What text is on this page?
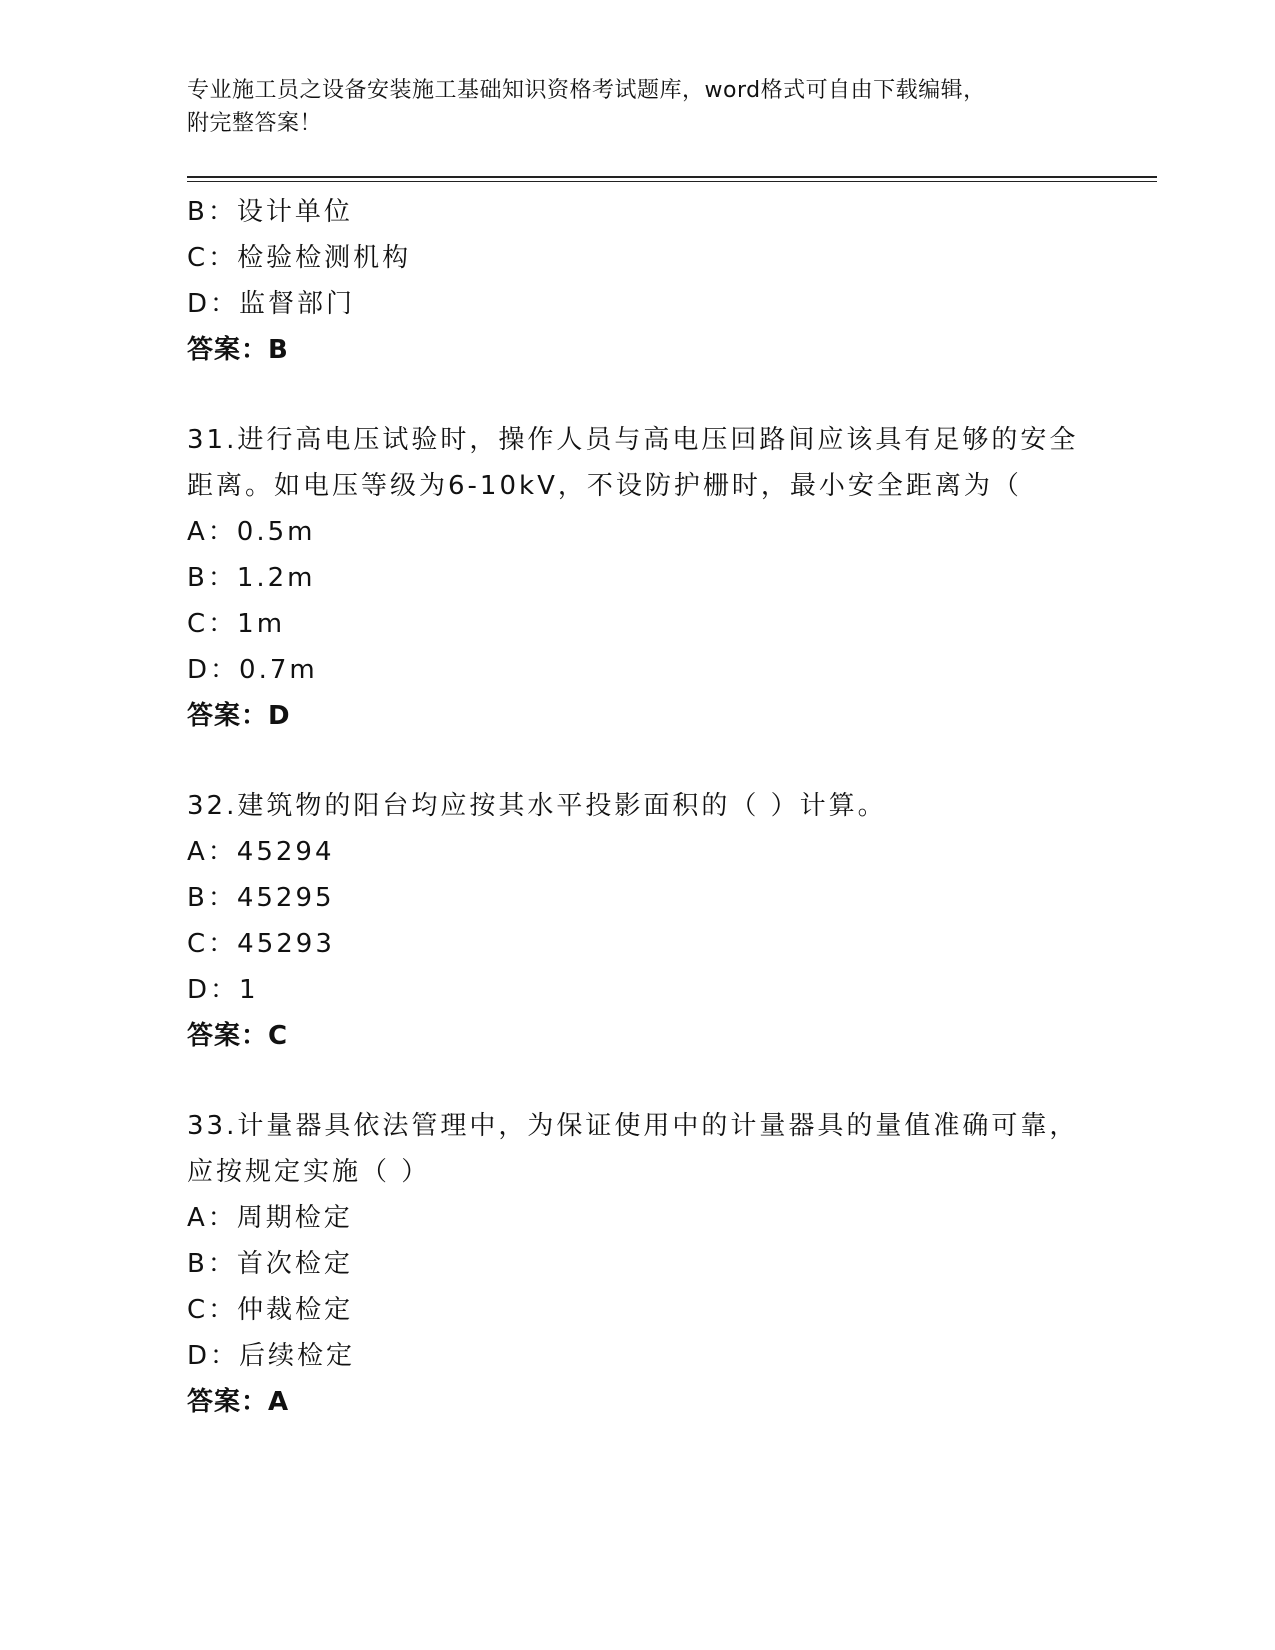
专业施工员之设备安装施工基础知识资格考试题库，word格式可自由下载编辑，
附完整答案！
B：设计单位
C：检验检测机构
D：监督部门
答案：B
31.进行高电压试验时，操作人员与高电压回路间应该具有足够的安全
距离。如电压等级为6-10kV，不设防护栅时，最小安全距离为（
A：0.5m
B：1.2m
C：1m
D：0.7m
答案：D
32.建筑物的阳台均应按其水平投影面积的（ ）计算。
A：45294
B：45295
C：45293
D：1
答案：C
33.计量器具依法管理中，为保证使用中的计量器具的量值准确可靠，
应按规定实施（ ）
A：周期检定
B：首次检定
C：仲裁检定
D：后续检定
答案：A
